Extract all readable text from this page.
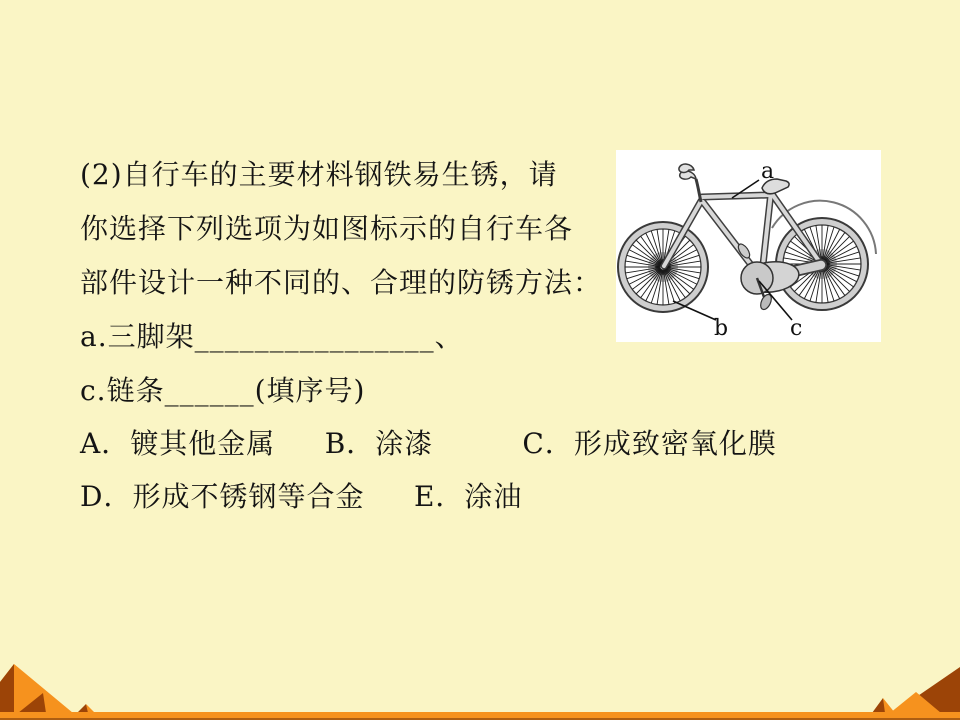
(2)自行车的主要材料钢铁易生锈，请
你选择下列选项为如图标示的自行车各
部件设计一种不同的、合理的防锈方法：
a.三脚架________________、
c.链条______(填序号)
A．镀其他金属     B．涂漆         C．形成致密氧化膜
D．形成不锈钢等合金     E．涂油
a
b	c
